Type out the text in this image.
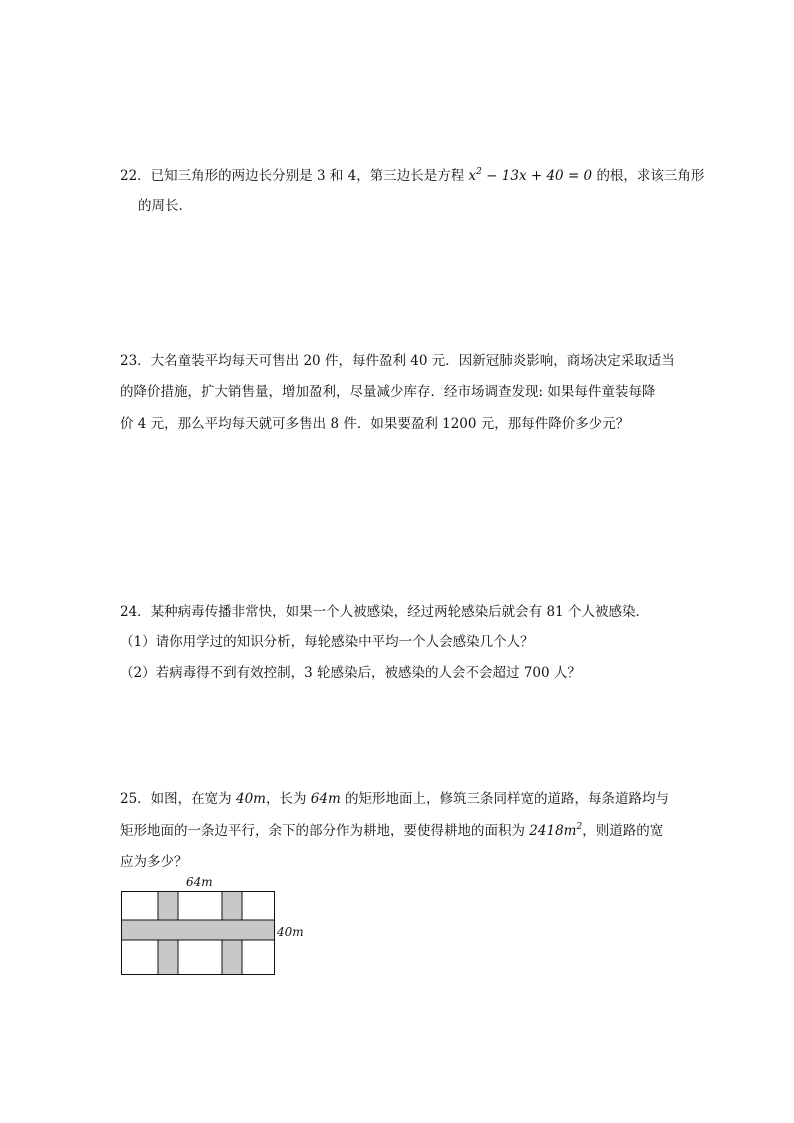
22．已知三角形的两边长分别是 3 和 4，第三边长是方程 $x^2 - 13x + 40 = 0$ 的根，求该三角形
的周长．
23．大名童装平均每天可售出 20 件，每件盈利 40 元．因新冠肺炎影响，商场决定采取适当
的降价措施，扩大销售量，增加盈利，尽量减少库存．经市场调查发现: 如果每件童装每降
价 4 元，那么平均每天就可多售出 8 件．如果要盈利 1200 元，那每件降价多少元？
24．某种病毒传播非常快，如果一个人被感染，经过两轮感染后就会有 81 个人被感染．
（1）请你用学过的知识分析，每轮感染中平均一个人会感染几个人？
（2）若病毒得不到有效控制，3 轮感染后，被感染的人会不会超过 700 人？
25．如图，在宽为 40m，长为 64m 的矩形地面上，修筑三条同样宽的道路，每条道路均与
矩形地面的一条边平行，余下的部分作为耕地，要使得耕地的面积为 $2418m^2$，则道路的宽
应为多少？
64m
40m
